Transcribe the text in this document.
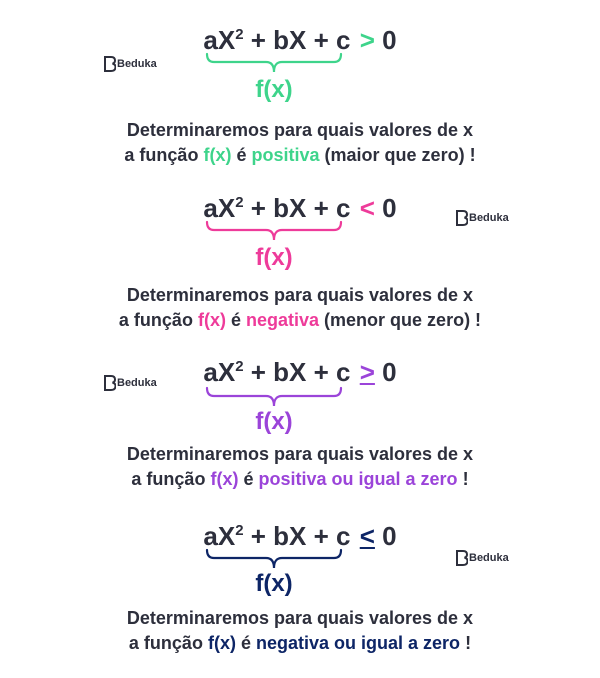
Beduka
Beduka
Beduka
Beduka
$aX^2$ + bX + c > 0
f(x)
Determinaremos para quais valores de x
a função f(x) é positiva (maior que zero) !
$aX^2$ + bX + c < 0
f(x)
Determinaremos para quais valores de x
a função f(x) é negativa (menor que zero) !
$aX^2$ + bX + c > 0
f(x)
Determinaremos para quais valores de x
a função f(x) é positiva ou igual a zero !
$aX^2$ + bX + c < 0
f(x)
Determinaremos para quais valores de x
a função f(x) é negativa ou igual a zero !
